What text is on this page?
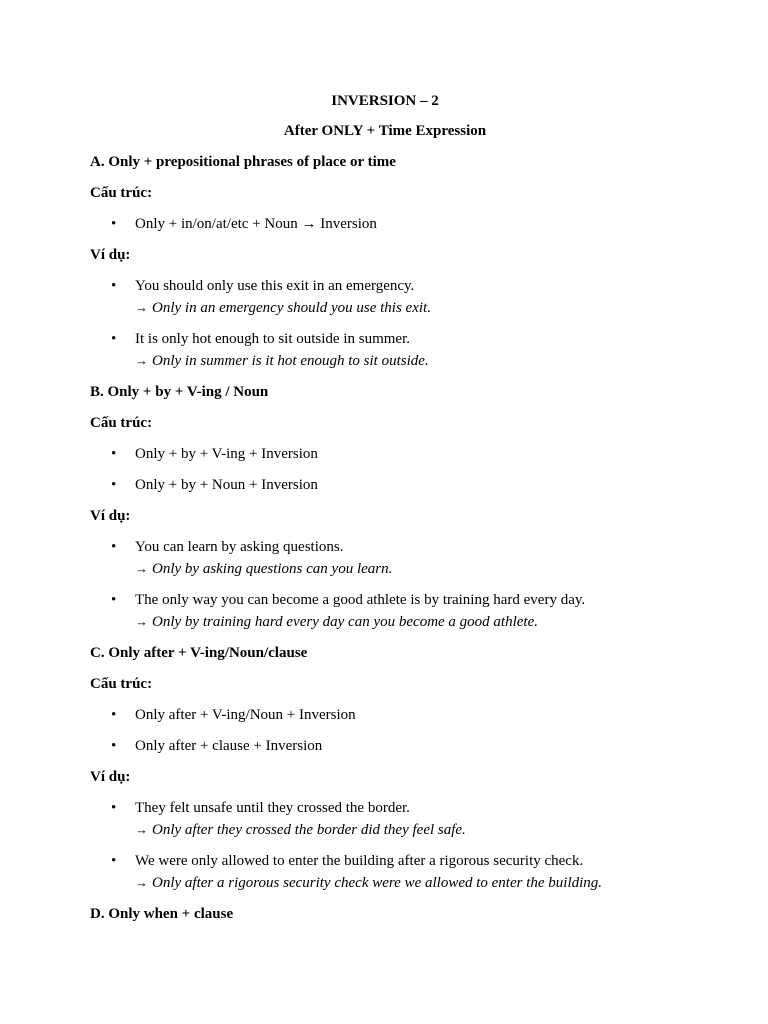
INVERSION – 2
After ONLY + Time Expression
A. Only + prepositional phrases of place or time
Cấu trúc:
• Only + in/on/at/etc + Noun → Inversion
Ví dụ:
• You should only use this exit in an emergency.
→ Only in an emergency should you use this exit.
• It is only hot enough to sit outside in summer.
→ Only in summer is it hot enough to sit outside.
B. Only + by + V-ing / Noun
Cấu trúc:
• Only + by + V-ing + Inversion
• Only + by + Noun + Inversion
Ví dụ:
• You can learn by asking questions.
→ Only by asking questions can you learn.
• The only way you can become a good athlete is by training hard every day.
→ Only by training hard every day can you become a good athlete.
C. Only after + V-ing/Noun/clause
Cấu trúc:
• Only after + V-ing/Noun + Inversion
• Only after + clause + Inversion
Ví dụ:
• They felt unsafe until they crossed the border.
→ Only after they crossed the border did they feel safe.
• We were only allowed to enter the building after a rigorous security check.
→ Only after a rigorous security check were we allowed to enter the building.
D. Only when + clause
